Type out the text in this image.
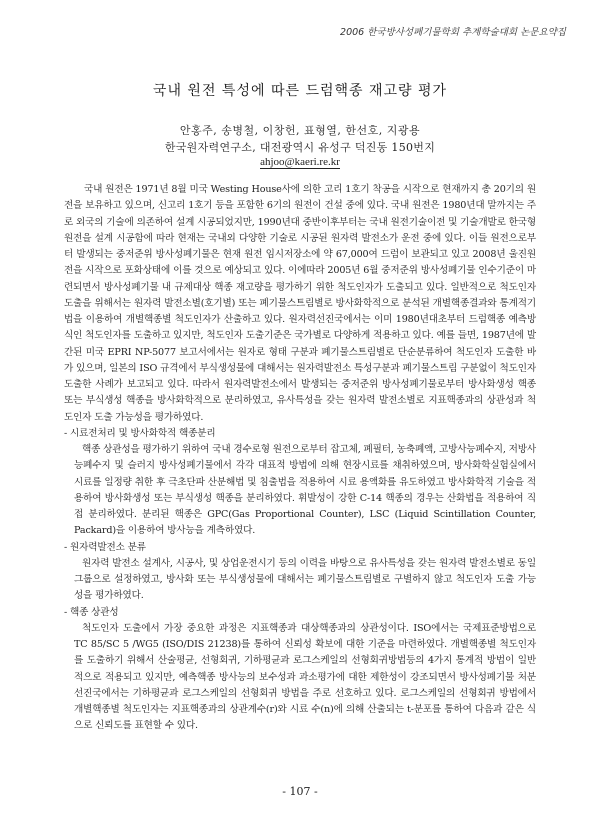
2006 한국방사성폐기물학회 추계학술대회 논문요약집
국내 원전 특성에 따른 드럼핵종 재고량 평가
안홍주, 송병철, 이창헌, 표형열, 한선호, 지광용
한국원자력연구소, 대전광역시 유성구 덕진동 150번지
ahjoo@kaeri.re.kr

국내 원전은 1971년 8월 미국 Westing House사에 의한 고리 1호기 착공을 시작으로 현재까지 총 20기의 원전을 보유하고 있으며, 신고리 1호기 등을 포함한 6기의 원전이 건설 중에 있다. 국내 원전은 1980년대 말까지는 주로 외국의 기술에 의존하여 설계 시공되었지만, 1990년대 중반이후부터는 국내 원전기술이전 및 기술개발로 한국형원전을 설계 시공함에 따라 현재는 국내외 다양한 기술로 시공된 원자력 발전소가 운전 중에 있다. 이들 원전으로부터 발생되는 중저준위 방사성폐기물은 현재 원전 임시저장소에 약 67,000여 드럼이 보관되고 있고 2008년 울진원전을 시작으로 포화상태에 이를 것으로 예상되고 있다. 이에따라 2005년 6월 중저준위 방사성폐기물 인수기준이 마련되면서 방사성폐기물 내 규제대상 핵종 재고량을 평가하기 위한 척도인자가 도출되고 있다. 일반적으로 척도인자 도출을 위해서는 원자력 발전소별(호기별) 또는 폐기물스트림별로 방사화학적으로 분석된 개별핵종결과와 통계적기법을 이용하여 개별핵종별 척도인자가 산출하고 있다. 원자력선진국에서는 이미 1980년대초부터 드럼핵종 예측방식인 척도인자를 도출하고 있지만, 척도인자 도출기준은 국가별로 다양하게 적용하고 있다. 예를 들면, 1987년에 발간된 미국 EPRI NP-5077 보고서에서는 원자로 형태 구분과 폐기물스트림별로 단순분류하여 척도인자 도출한 바가 있으며, 일본의 ISO 규격에서 부식생성물에 대해서는 원자력발전소 특성구분과 폐기물스트림 구분없이 척도인자 도출한 사례가 보고되고 있다. 따라서 원자력발전소에서 발생되는 중저준위 방사성폐기물로부터 방사화생성 핵종 또는 부식생성 핵종을 방사화학적으로 분리하였고, 유사특성을 갖는 원자력 발전소별로 지표핵종과의 상관성과 척도인자 도출 가능성을 평가하였다.

- 시료전처리 및 방사화학적 핵종분리

핵종 상관성을 평가하기 위하여 국내 경수로형 원전으로부터 잡고체, 폐필터, 농축폐액, 고방사능폐수지, 저방사능폐수지 및 슬러지 방사성폐기물에서 각각 대표적 방법에 의해 현장시료를 채취하였으며, 방사화학실험실에서 시료를 일정량 취한 후 극초단파 산분해법 및 침출법을 적용하여 시료 용액화를 유도하였고 방사화학적 기술을 적용하여 방사화생성 또는 부식생성 핵종을 분리하였다. 휘발성이 강한 C-14 핵종의 경우는 산화법을 적용하여 직접 분리하였다. 분리된 핵종은 GPC(Gas Proportional Counter), LSC (Liquid Scintillation Counter, Packard)을 이용하여 방사능을 계측하였다.

- 원자력발전소 분류

원자력 발전소 설계사, 시공사, 및 상업운전시기 등의 이력을 바탕으로 유사특성을 갖는 원자력 발전소별로 동일그룹으로 설정하였고, 방사화 또는 부식생성물에 대해서는 폐기물스트림별로 구별하지 않고 척도인자 도출 가능성을 평가하였다.

- 핵종 상관성

척도인자 도출에서 가장 중요한 과정은 지표핵종과 대상핵종과의 상관성이다. ISO에서는 국제표준방법으로 TC 85/SC 5 /WG5 (ISO/DIS 21238)를 통하여 신뢰성 확보에 대한 기준을 마련하였다. 개별핵종별 척도인자를 도출하기 위해서 산술평균, 선형회귀, 기하평균과 로그스케일의 선형회귀방법등의 4가지 통계적 방법이 일반적으로 적용되고 있지만, 예측핵종 방사능의 보수성과 과소평가에 대한 제한성이 강조되면서 방사성폐기물 처분 선진국에서는 기하평균과 로그스케일의 선형회귀 방법을 주로 선호하고 있다. 로그스케일의 선형회귀 방법에서 개별핵종별 척도인자는 지표핵종과의 상관계수(r)와 시료 수(n)에 의해 산출되는 t-분포를 통하여 다음과 같은 식으로 신뢰도를 표현할 수 있다.

- 107 -
